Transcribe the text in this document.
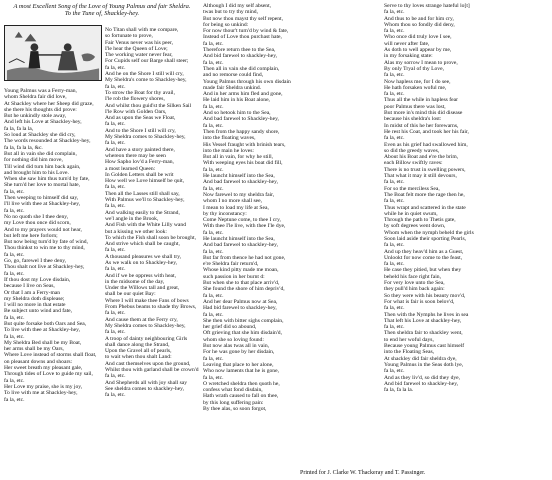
A most Excellent Song of the Love of Young Palmus and fair Sheldra.
To the Tune of, Shackley-hey.
Young Palmus was a Ferry-man,
whom Sheldra fair did love,
At Shackley where her Sheep did graze,
she there his thoughts did prove:
But he unkindly stole away,
And left his Love at Shackley-hey,
fa la, fa la la,
So loud at Shackley she did cry,
The words resounded at Shackley-hey,
fa la, fa la la, &c.
But all in vain she did complain,
for nothing did him move,
Till wind did turn him back again,
and brought him to his Love.
When she saw him thus turn'd by fate,
She turn'd her love to mortal hate,
fa la, etc.
Then weeping to himself did say,
I'll live with thee at Shackley-hey,
fa la, etc.
No no quoth she I thee deny,
my Love thou once did scorn,
And to my prayers would not hear,
but left me here forlorn;
But now being turn'd by fate of wind,
Thou thinkst to win me to thy mind,
fa la, etc.
Go, go, farewel I thee deny,
Thou shalt not live at Shackley-hey,
fa la, etc.
If thou dost my Love disdain,
because I live on Seas,
Or that I am a Ferry-man
my Sheldra doth displease;
I will no more in that estate
Be subject unto wind and fate,
fa la, etc.
But quite forsake both Oars and Sea,
To live with thee at Shackley-hey,
fa la, etc.
My Sheldra Bed shall be my Boat,
her arms shall be my Oars,
Where Love instead of storms shall float,
on pleasant downs and shoars:
Her sweet breath my pleasant gale,
Through tides of Love to guide my sail,
fa la, etc.
Her Love my praise, she is my joy,
To live with me at Shackley-hey,
fa la, etc.
No Titan shall with me compare,
so fortunate to prove,
Fair Venus never was his peer,
I'le hear the Queen of Love;
The working water never fear,
For Cupids self our Barge shall steer;
fa la, etc.
And he on the Shore I still will cry,
My Sheldra's come to Shackley-hey,
fa la, etc.
To strow the Boat for thy avail,
I'le rob the flowery shores,
And whilst thou guid'st the Silken Sail
I'le Row with Golden Oars,
And as upon the Seas we Float,
fa la, etc.
And to the Shore I still will cry,
My Sheldra comes to Shackley-hey,
fa la, etc.
And have a story painted there,
whereon there may be seen
How Sapho lov'd a Ferry-man,
a most learned Queen:
In Golden Letters shall be writ
How well we Love himself be quit,
fa la, etc.
Then all the Lasses still shall say,
With Palmus we'll to Shackley-hey,
fa la, etc.
And walking easily to the Strand,
we'l angle in the Brook,
And Fish with the White Lilly wand
but a kissing we other look:
To which the Fish shall soon be brought,
And strive which shall be caught,
fa la, etc.
A thousand pleasures we shall try,
As we walk on to Shackley-hey,
fa la, etc.
And if we be oppress with heat,
in the midsome of the day,
Under the Willows tall and great,
shall be our quiet Bay:
Where I will make thee Fans of bows
From Phebus beams to shade thy Brows,
fa la, etc.
And cause them at the Ferry cry,
My Sheldra comes to Shackley-hey,
fa la, etc.
A troop of dainty neighbouring Girls
shall dance along the Strand,
Upon the Gravel all of pearls,
to wait when thou shalt Land:
And cast themselves upon the ground,
Whilst thou with garland shall be crown'd
fa la, etc.
And Shepherds all with joy shall say
See sheldra comes to shackley-hey,
fa la, etc.
Although I did my self absent,
twas but to try thy mind,
But now thou mayst thy self repent,
for being so unkind:
For now thour't turn'd by wind & fate,
Instead of Love thou purchast hate,
fa la, etc.
Therefore return thee to the Sea,
And bid farewel to shackley-hey,
fa la, etc.
Then all in vain she did complain,
and no remorse could find,
Young Palmus through his own disdain
made fair Sheldra unkind.
And in her arms him fled and gone,
He laid him in his Boat alone,
fa la, etc.
And so hetook him to the Sea,
And bad farewel to Shackley-hey,
fa la, etc.
Then from the happy sandy shore,
into the floating waves,
His Vessel fraught with brinish tears,
into the main he loves:
But all in vain, for why he still,
With weeping eyes his boat did fill,
fa la, etc.
He launcht himself into the Sea,
And bad farewel to shackley-hey,
fa la, etc.
Now farewel to my sheldra fair,
whom I no more shall see,
I mean to load my life at Sea,
by thy inconstancy:
Come Neptune come, to thee I cry,
With thee I'le live, with thee I'le dye,
fa la, etc.
He launcht himself into the Sea,
And bad farewel to shackley-hey,
fa la, etc.
But far from thence he had not gone,
e're Sheldra fair return'd,
Whose kind pitty made me moan,
such passion in her burnt d:
But when she to that place arriv'd,
She found the shore of him depriv'd,
fa la, etc.
And her dear Palmus now at Sea,
Had bid farewel to shackley-hey,
fa la, etc.
She then with bitter sighs complain,
her grief did so abound,
Oft grieving that she him disdain'd,
whom she so loving found:
But now alas twas all in vain,
For he was gone by her disdain,
fa la, etc.
Leaving that place to her alone,
Who now laments that he is gone,
fa la, etc.
O wretched sheldra then quoth he,
confess what fond disdain,
Hath wrath caused to fall on thee,
by this long suffering pain:
By thee alas, so soon forgot,
Serve to thy loves strange hateful lo[t]
fa la, etc.
And thus to be and for him cry,
Whom thou so fondly did deny,
fa la, etc.
Who once did truly love I see,
will never after fate,
As doth to well appear by me,
in my forsaking state:
Alas my sorrow I mean to prove,
By only Tryal of thy Love,
fa la, etc.
Now hapless me, for I do see,
He hath forsaken woful me,
fa la, etc.
Thus all the while in hapless fear
poor Palmus there was lost,
But more in's mind this did disease
because his sheldra's lost:
In midst of this he her forewarns,
He rest his Coat, and took her his fair,
fa la, etc.
Even as his grief had swallowed him,
so did the greedy waves,
About his Boat and e're the brim,
each Billow swiftly raves:
There is no trust in swelling powers,
That what it may it still devours,
fa la, etc.
For so the merciless Sea,
The Boat felt more the rage then he,
fa la, etc.
Thus wrapt and scattered in the state
while he in quiet swum,
Through the path to Thetis gate,
by soft degrees went down,
Whom when the nymph beheld the girls
Soon laid aside their sporting Pearls,
fa la, etc.
And up they heav'd him as a Guest,
Unlookt for now come to the feast,
fa la, etc.
He case they pitied, but when they
beheld his face right fain,
For very love unto the Sea,
they pull'd him back again:
So they were with his beauty mov'd,
For what is fair is soon belov'd,
fa la, etc.
Then with the Nymphs he lives in sea
That left his Love at shackley-hey,
fa la, etc.
Then sheldra fair to shackley went,
to end her woful days,
Because young Palmus cast himself
into the Floating Seas,
At shackley did fair sheldra dye,
Young Palmus in the Seas doth lye,
fa la, etc.
And as they liv'd, so did they dye,
And bid farewel to shackley-hey,
fa la, fa la la.
Printed for J. Clarke W. Thackeray and T. Passinger.
